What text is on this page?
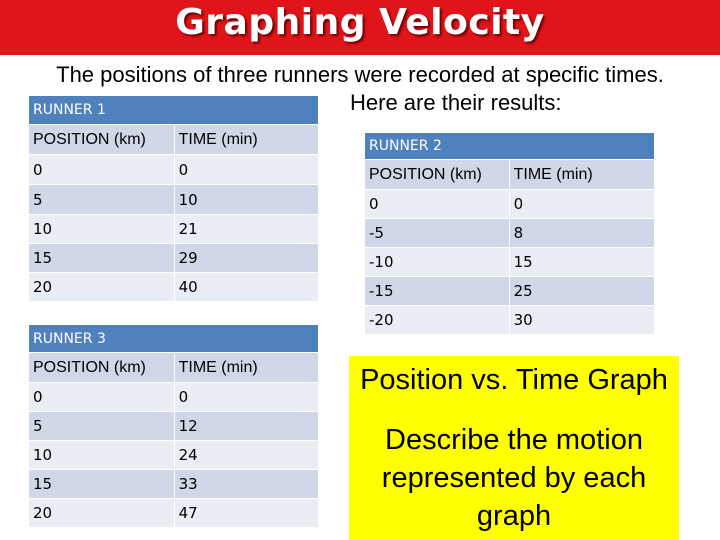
Graphing Velocity
The positions of three runners were recorded at specific times.
Here are their results:
RUNNER 1	
POSITION (km)	TIME (min)
0	0
5	10
10	21
15	29
20	40
RUNNER 2	
POSITION (km)	TIME (min)
0	0
-5	8
-10	15
-15	25
-20	30
RUNNER 3	
POSITION (km)	TIME (min)
0	0
5	12
10	24
15	33
20	47
Position vs. Time Graph
Describe the motion represented by each graph
